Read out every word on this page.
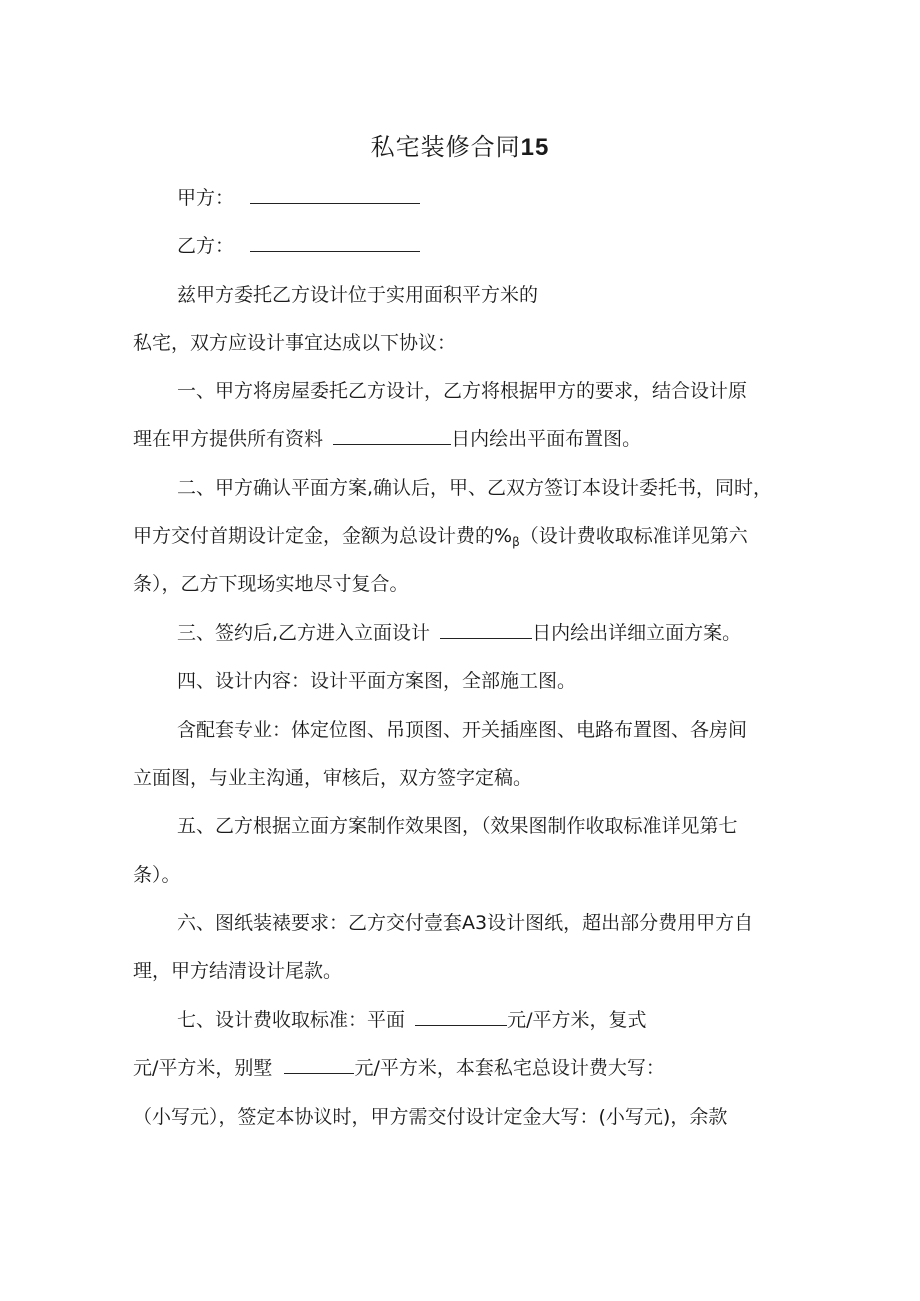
私宅装修合同15
甲方：
乙方：
兹甲方委托乙方设计位于实用面积平方米的
私宅，双方应设计事宜达成以下协议：
一、甲方将房屋委托乙方设计，乙方将根据甲方的要求，结合设计原
理在甲方提供所有资料	日内绘出平面布置图。
二、甲方确认平面方案,确认后，甲、乙双方签订本设计委托书，同时，
甲方交付首期设计定金，金额为总设计费的$\%_\beta$（设计费收取标准详见第六
条），乙方下现场实地尽寸复合。
三、签约后,乙方进入立面设计	日内绘出详细立面方案。
四、设计内容：设计平面方案图，全部施工图。
含配套专业：体定位图、吊顶图、开关插座图、电路布置图、各房间
立面图，与业主沟通，审核后，双方签字定稿。
五、乙方根据立面方案制作效果图，（效果图制作收取标准详见第七
条）。
六、图纸装裱要求：乙方交付壹套A3设计图纸，超出部分费用甲方自
理，甲方结清设计尾款。
七、设计费收取标准：平面	元/平方米，复式
元/平方米，别墅	元/平方米，本套私宅总设计费大写：
（小写元），签定本协议时，甲方需交付设计定金大写：(小写元)，余款
